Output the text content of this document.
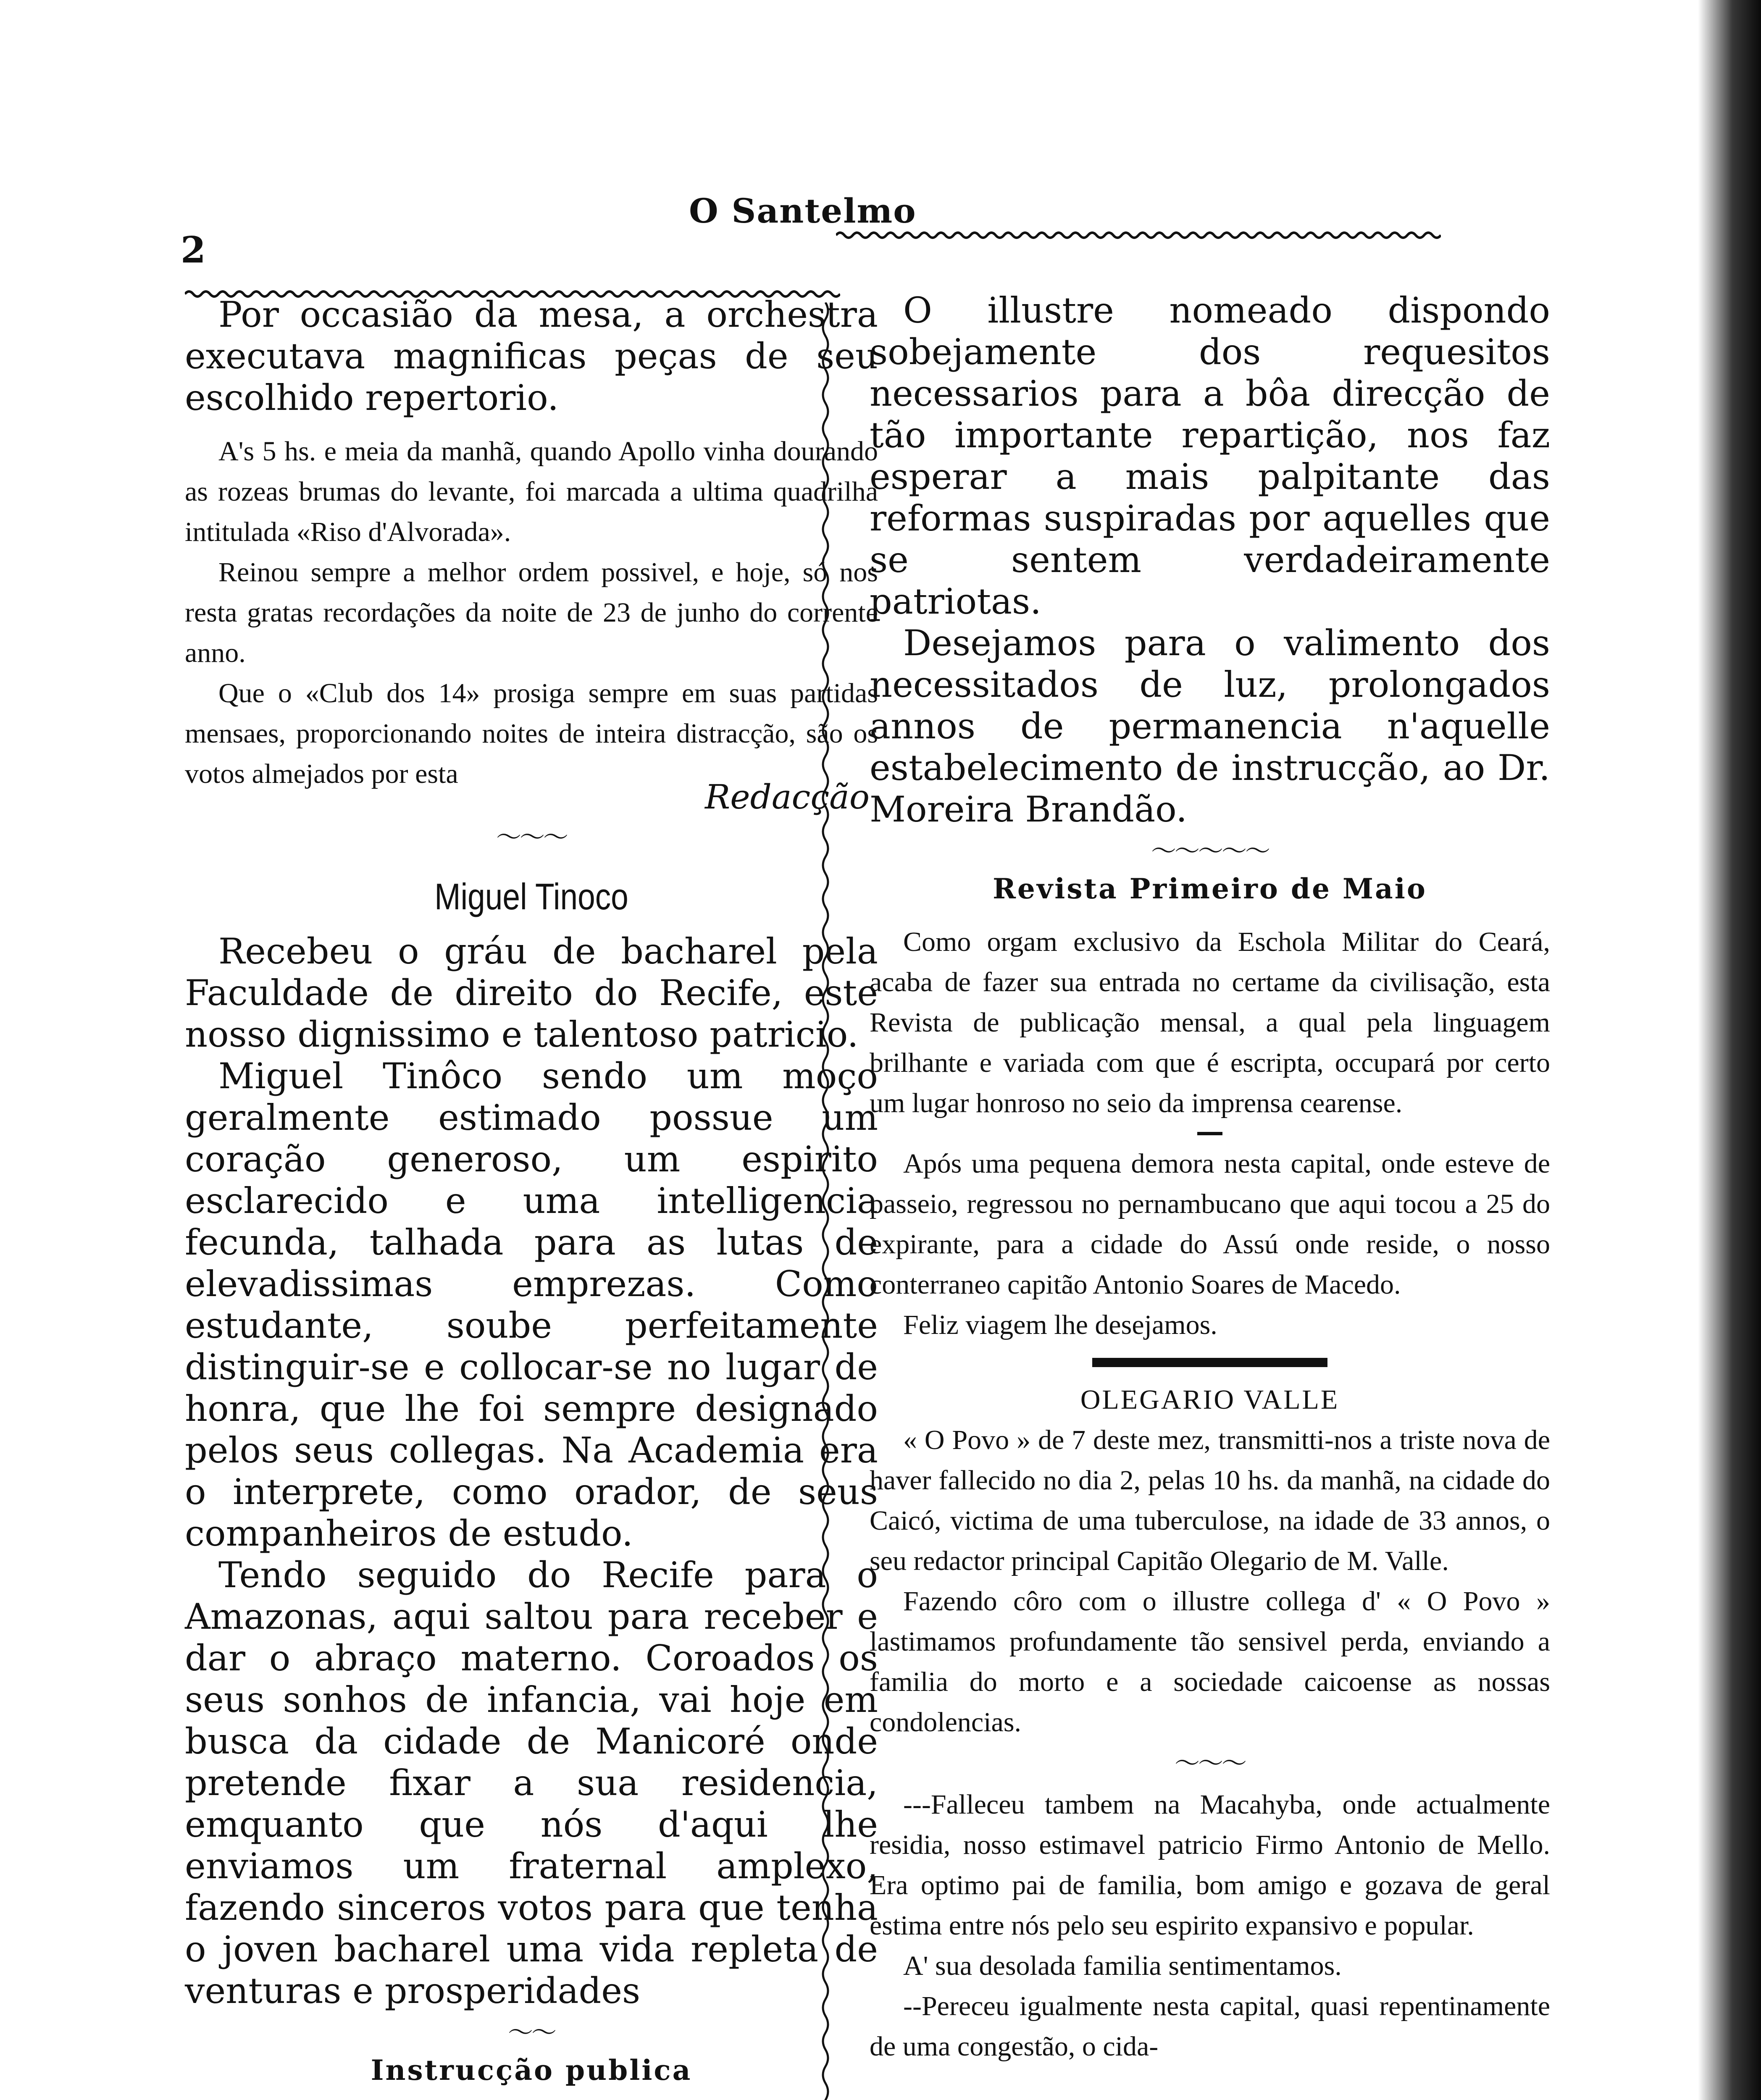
2
O Santelmo

Por occasião da mesa, a orchestra executava magnificas peças de seu escolhido repertorio.

A's 5 hs. e meia da manhã, quando Apollo vinha dourando as rozeas brumas do levante, foi marcada a ultima quadrilha intitulada «Riso d'Alvorada».

Reinou sempre a melhor ordem possivel, e hoje, só nos resta gratas recordações da noite de 23 de junho do corrente anno.

Que o «Club dos 14» prosiga sempre em suas partidas mensaes, proporcionando noites de inteira distracção, são os votos almejados por esta

Redacção
〜〜〜
Miguel Tinoco

Recebeu o gráu de bacharel pela Faculdade de direito do Recife, este nosso dignissimo e talentoso patricio.

Miguel Tinôco sendo um moço geralmente estimado possue um coração generoso, um espirito esclarecido e uma intelligencia fecunda, talhada para as lutas de elevadissimas emprezas. Como estudante, soube perfeitamente distinguir-se e collocar-se no lugar de honra, que lhe foi sempre designado pelos seus collegas. Na Academia era o interprete, como orador, de seus companheiros de estudo.

Tendo seguido do Recife para o Amazonas, aqui saltou para receber e dar o abraço materno. Coroados os seus sonhos de infancia, vai hoje em busca da cidade de Manicoré onde pretende fixar a sua residencia, emquanto que nós d'aqui lhe enviamos um fraternal amplexo, fazendo sinceros votos para que tenha o joven bacharel uma vida repleta de venturas e prosperidades

〜〜
Instrucção publica

O illustre nomeado dispondo sobejamente dos requesitos necessarios para a bôa direcção de tão importante repartição, nos faz esperar a mais palpitante das reformas suspiradas por aquelles que se sentem verdadeiramente patriotas.

Desejamos para o valimento dos necessitados de luz, prolongados annos de permanencia n'aquelle estabelecimento de instrucção, ao Dr. Moreira Brandão.

〜〜〜〜〜
Revista Primeiro de Maio

Como orgam exclusivo da Eschola Militar do Ceará, acaba de fazer sua entrada no certame da civilisação, esta Revista de publicação mensal, a qual pela linguagem brilhante e variada com que é escripta, occupará por certo um lugar honroso no seio da imprensa cearense.

Após uma pequena demora nesta capital, onde esteve de passeio, regressou no pernambucano que aqui tocou a 25 do expirante, para a cidade do Assú onde reside, o nosso conterraneo capitão Antonio Soares de Macedo.

Feliz viagem lhe desejamos.

OLEGARIO VALLE

« O Povo » de 7 deste mez, transmitti-nos a triste nova de haver fallecido no dia 2, pelas 10 hs. da manhã, na cidade do Caicó, victima de uma tuberculose, na idade de 33 annos, o seu redactor principal Capitão Olegario de M. Valle.

Fazendo côro com o illustre collega d' « O Povo » lastimamos profundamente tão sensivel perda, enviando a familia do morto e a sociedade caicoense as nossas condolencias.

〜〜〜

---Falleceu tambem na Macahyba, onde actualmente residia, nosso estimavel patricio Firmo Antonio de Mello. Era optimo pai de familia, bom amigo e gozava de geral estima entre nós pelo seu espirito expansivo e popular.

A' sua desolada familia sentimentamos.

--Pereceu igualmente nesta capital, quasi repentinamente de uma congestão, o cida-
